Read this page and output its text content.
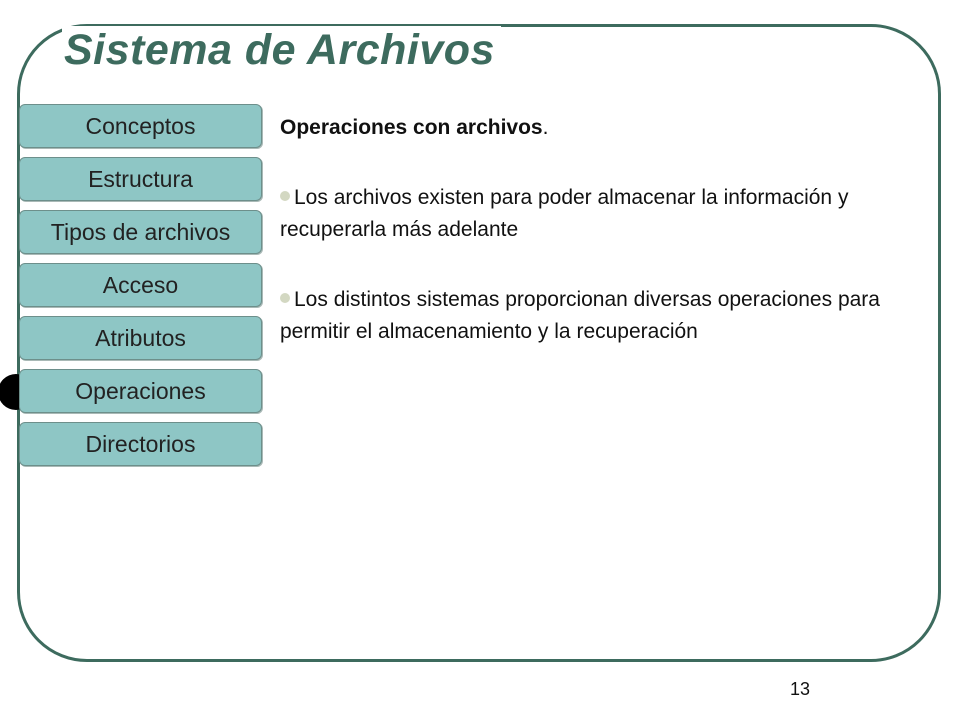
Sistema de Archivos
Conceptos
Estructura
Tipos de archivos
Acceso
Atributos
Operaciones
Directorios

Operaciones con archivos.

Los archivos existen para poder almacenar la información y recuperarla más adelante

Los distintos sistemas proporcionan diversas operaciones para permitir el almacenamiento y la recuperación

13
